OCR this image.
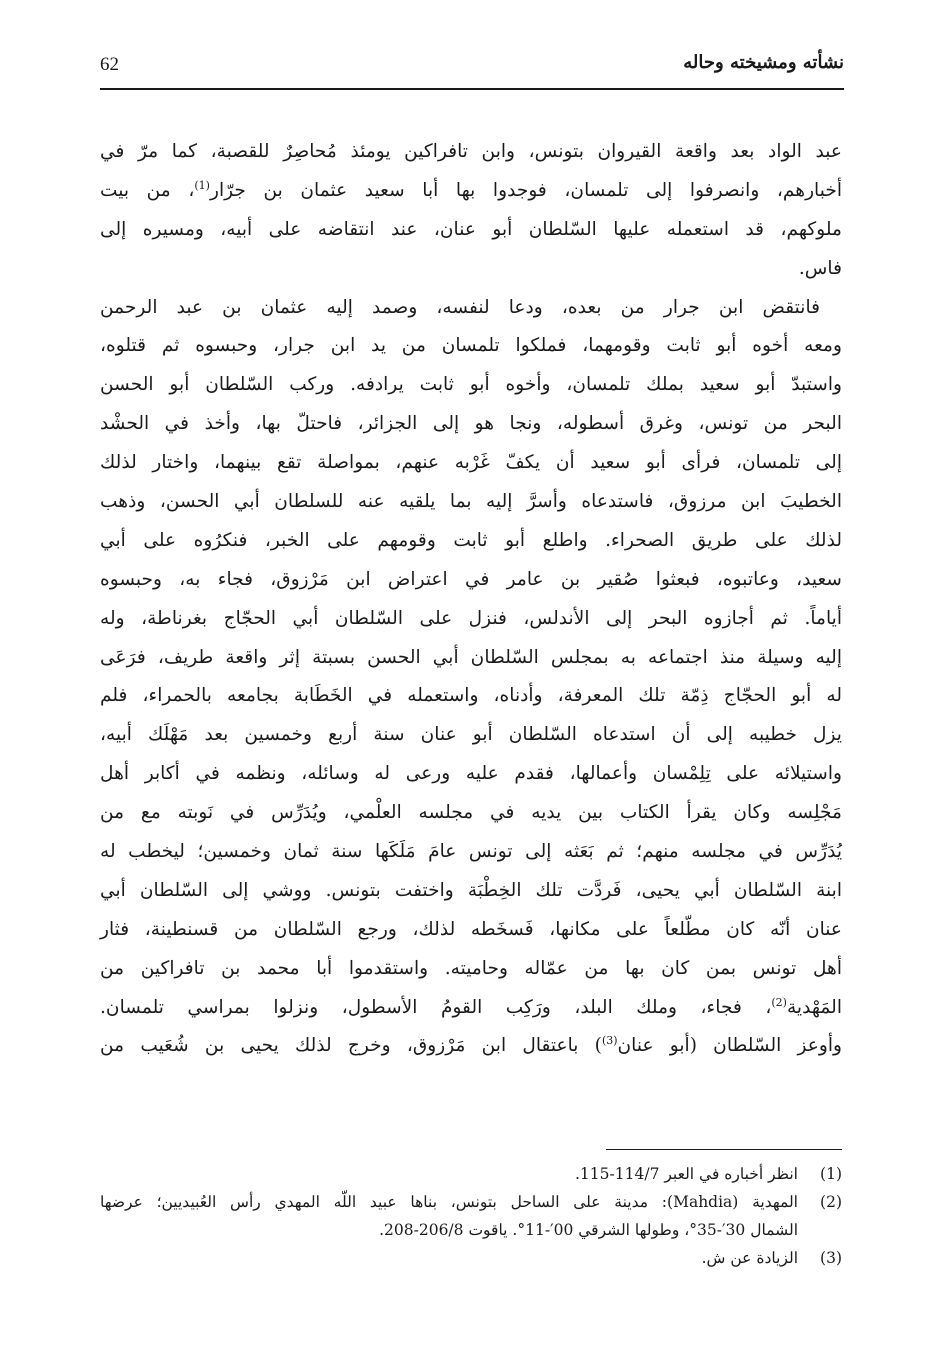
نشأته ومشيخته وحاله
62
عبد الواد بعد واقعة القيروان بتونس، وابن تافراكين يومئذ مُحاصِرٌ للقصبة، كما مرّ في
أخبارهم، وانصرفوا إلى تلمسان، فوجدوا بها أبا سعيد عثمان بن جرّار$^{(1)}$، من بيت
ملوكهم، قد استعمله عليها السّلطان أبو عنان، عند انتقاضه على أبيه، ومسيره إلى
فاس.
فانتقض ابن جرار من بعده، ودعا لنفسه، وصمد إليه عثمان بن عبد الرحمن
ومعه أخوه أبو ثابت وقومهما، فملكوا تلمسان من يد ابن جرار، وحبسوه ثم قتلوه،
واستبدّ أبو سعيد بملك تلمسان، وأخوه أبو ثابت يرادفه. وركب السّلطان أبو الحسن
البحر من تونس، وغرق أسطوله، ونجا هو إلى الجزائر، فاحتلّ بها، وأخذ في الحشْد
إلى تلمسان، فرأى أبو سعيد أن يكفّ غَرْبه عنهم، بمواصلة تقع بينهما، واختار لذلك
الخطيبَ ابن مرزوق، فاستدعاه وأسرَّ إليه بما يلقيه عنه للسلطان أبي الحسن، وذهب
لذلك على طريق الصحراء. واطلع أبو ثابت وقومهم على الخبر، فنكرُوه على أبي
سعيد، وعاتبوه، فبعثوا صُقير بن عامر في اعتراض ابن مَرْزوق، فجاء به، وحبسوه
أياماً. ثم أجازوه البحر إلى الأندلس، فنزل على السّلطان أبي الحجّاج بغرناطة، وله
إليه وسيلة منذ اجتماعه به بمجلس السّلطان أبي الحسن بسبتة إثر واقعة طريف، فرَعَى
له أبو الحجّاج ذِمّة تلك المعرفة، وأدناه، واستعمله في الخَطَابة بجامعه بالحمراء، فلم
يزل خطيبه إلى أن استدعاه السّلطان أبو عنان سنة أربع وخمسين بعد مَهْلَك أبيه،
واستيلائه على تِلِمْسان وأعمالها، فقدم عليه ورعى له وسائله، ونظمه في أكابر أهل
مَجْلِسه وكان يقرأ الكتاب بين يديه في مجلسه العلْمي، ويُدَرِّس في نَوبته مع من
يُدَرِّس في مجلسه منهم؛ ثم بَعَثه إلى تونس عامَ مَلَكَها سنة ثمان وخمسين؛ ليخطب له
ابنة السّلطان أبي يحيى، فَردَّت تلك الخِطْبَة واختفت بتونس. ووشي إلى السّلطان أبي
عنان أنّه كان مطّلعاً على مكانها، فَسخَطه لذلك، ورجع السّلطان من قسنطينة، فثار
أهل تونس بمن كان بها من عمّاله وحاميته. واستقدموا أبا محمد بن تافراكين من
المَهْدية$^{(2)}$، فجاء، وملك البلد، ورَكِب القومُ الأسطول، ونزلوا بمراسي تلمسان.
وأوعز السّلطان (أبو عنان$^{(3)}$) باعتقال ابن مَرْزوق، وخرج لذلك يحيى بن شُعَيب من
(1)
انظر أخباره في العبر 114/7-115.
(2)
المهدية (Mahdia): مدينة على الساحل بتونس، بناها عبيد اللّه المهدي رأس العُبيديين؛ عرضها
الشمال 30′-35°، وطولها الشرقي 00′-11°. ياقوت 206/8-208.
(3)
الزيادة عن ش.
